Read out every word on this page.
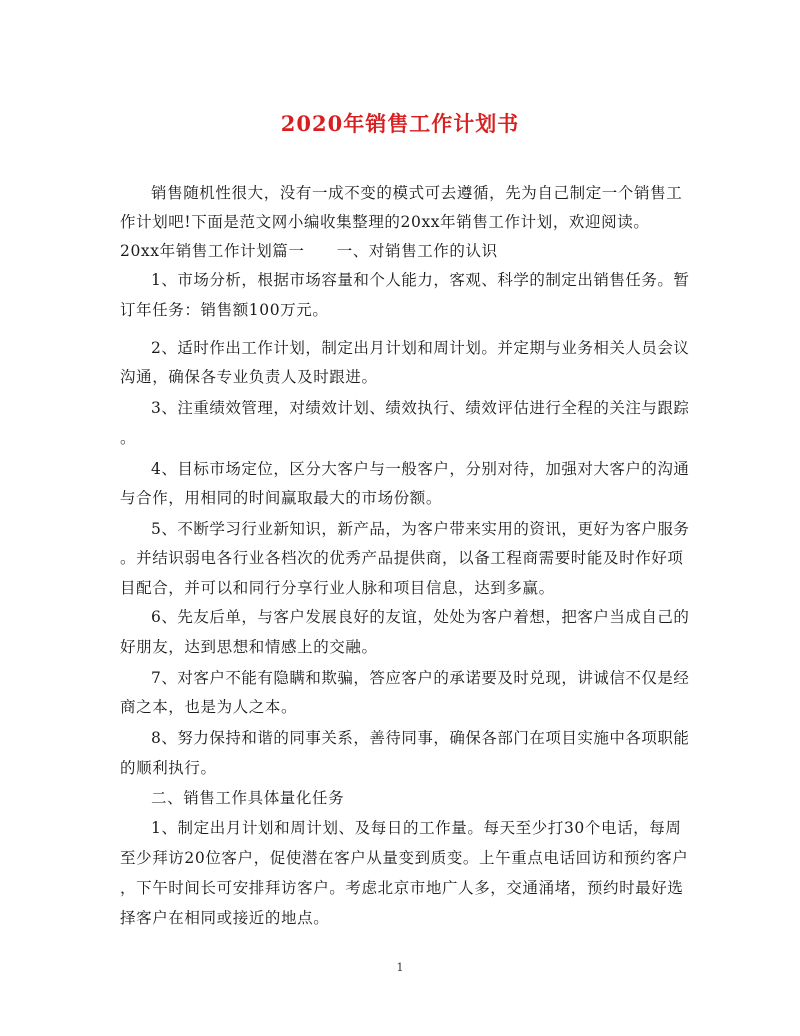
2020年销售工作计划书
销售随机性很大，没有一成不变的模式可去遵循，先为自己制定一个销售工
作计划吧!下面是范文网小编收集整理的20xx年销售工作计划，欢迎阅读。
20xx年销售工作计划篇一　　一、对销售工作的认识
1、市场分析，根据市场容量和个人能力，客观、科学的制定出销售任务。暂
订年任务：销售额100万元。
2、适时作出工作计划，制定出月计划和周计划。并定期与业务相关人员会议
沟通，确保各专业负责人及时跟进。
3、注重绩效管理，对绩效计划、绩效执行、绩效评估进行全程的关注与跟踪
。
4、目标市场定位，区分大客户与一般客户，分别对待，加强对大客户的沟通
与合作，用相同的时间赢取最大的市场份额。
5、不断学习行业新知识，新产品，为客户带来实用的资讯，更好为客户服务
。并结识弱电各行业各档次的优秀产品提供商，以备工程商需要时能及时作好项
目配合，并可以和同行分享行业人脉和项目信息，达到多赢。
6、先友后单，与客户发展良好的友谊，处处为客户着想，把客户当成自己的
好朋友，达到思想和情感上的交融。
7、对客户不能有隐瞒和欺骗，答应客户的承诺要及时兑现，讲诚信不仅是经
商之本，也是为人之本。
8、努力保持和谐的同事关系，善待同事，确保各部门在项目实施中各项职能
的顺利执行。
二、销售工作具体量化任务
1、制定出月计划和周计划、及每日的工作量。每天至少打30个电话，每周
至少拜访20位客户，促使潜在客户从量变到质变。上午重点电话回访和预约客户
，下午时间长可安排拜访客户。考虑北京市地广人多，交通涌堵，预约时最好选
择客户在相同或接近的地点。
1
